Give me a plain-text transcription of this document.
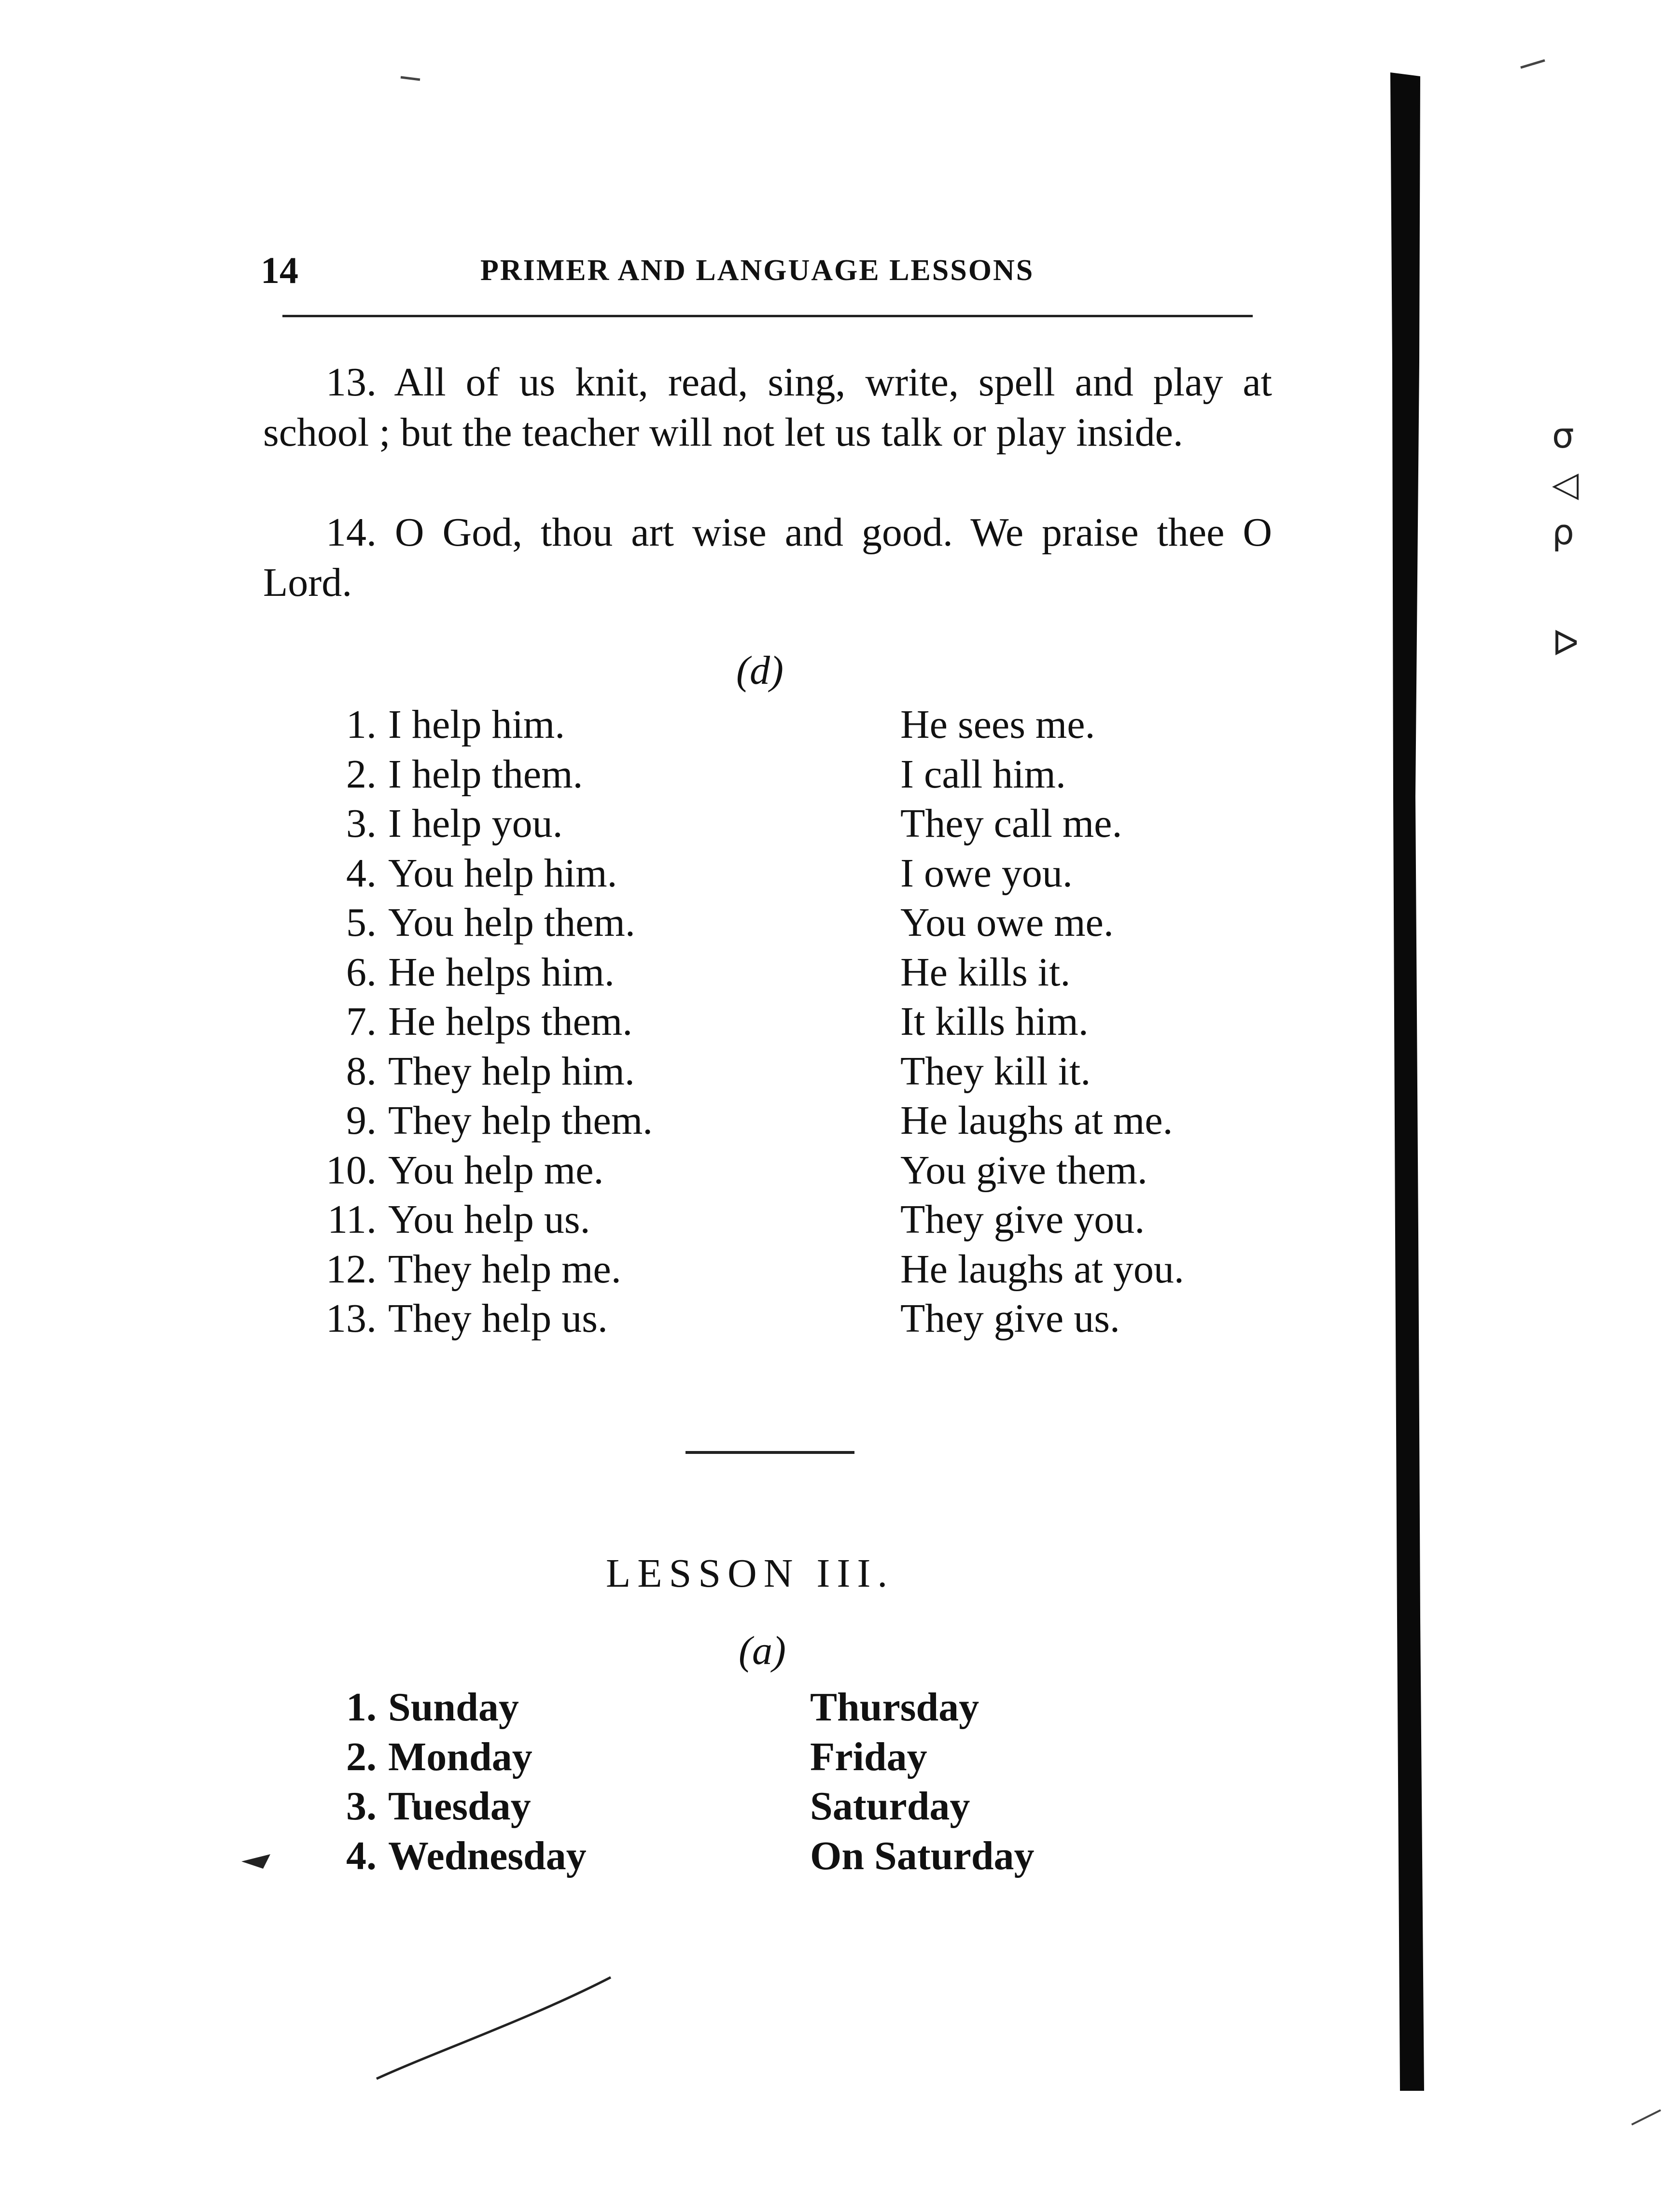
14	PRIMER AND LANGUAGE LESSONS
13. All of us knit, read, sing, write, spell and play at school ; but the teacher will not let us talk or play inside.
14. O God, thou art wise and good. We praise thee O Lord.
(d)
1. I help him.
2. I help them.
3. I help you.
4. You help him.
5. You help them.
6. He helps him.
7. He helps them.
8. They help him.
9. They help them.
10. You help me.
11. You help us.
12. They help me.
13. They help us.
He sees me.
I call him.
They call me.
I owe you.
You owe me.
He kills it.
It kills him.
They kill it.
He laughs at me.
You give them.
They give you.
He laughs at you.
They give us.
LESSON III.
(a)
1. Sunday
2. Monday
3. Tuesday
4. Wednesday
Thursday
Friday
Saturday
On Saturday
σ
◁
ρ
ᐅ
